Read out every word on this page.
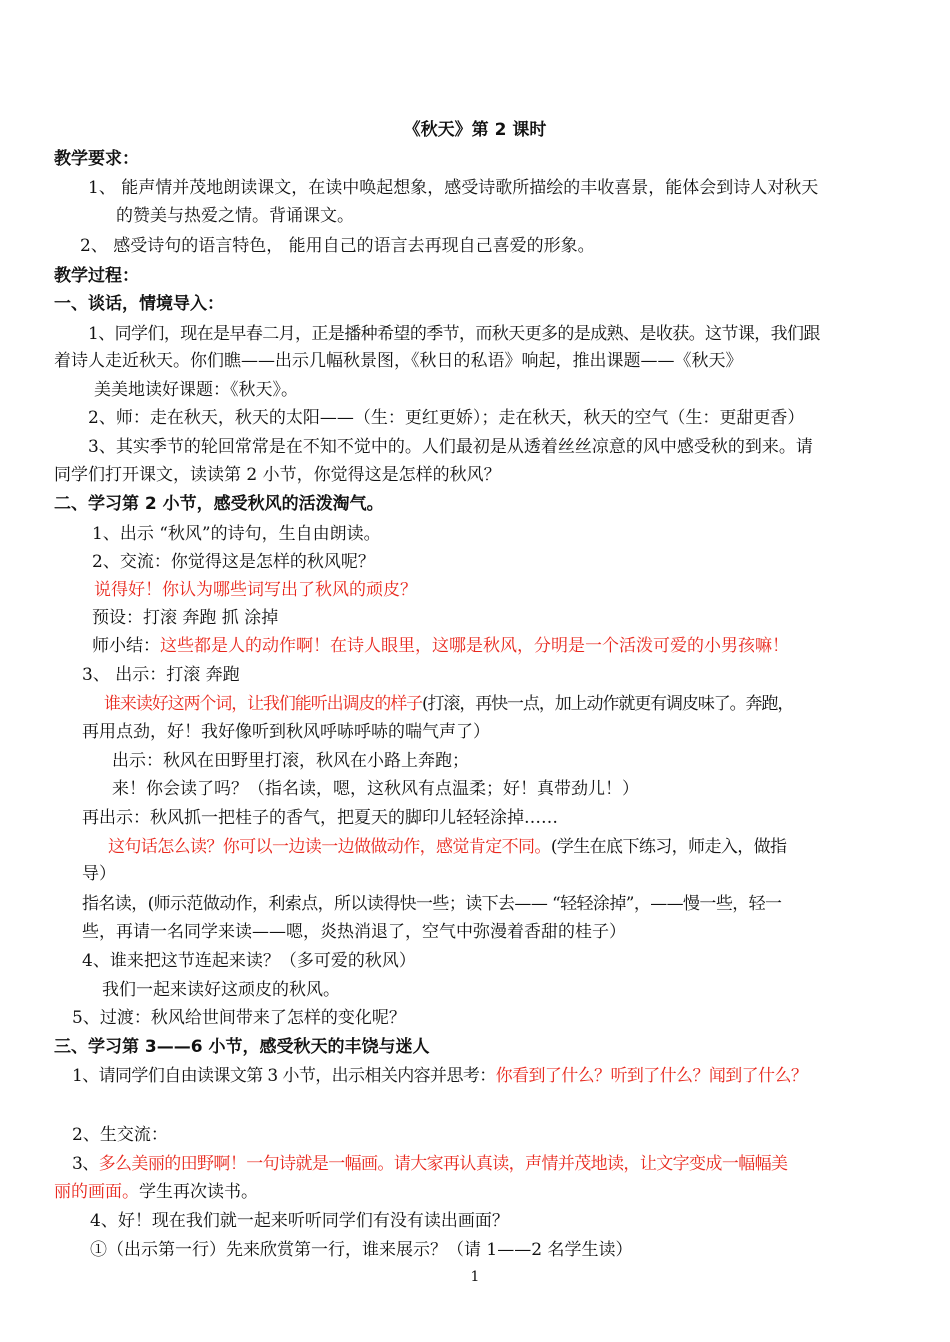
《秋天》第 2 课时
教学要求：
1、 能声情并茂地朗读课文，在读中唤起想象，感受诗歌所描绘的丰收喜景，能体会到诗人对秋天
的赞美与热爱之情。背诵课文。
2、 感受诗句的语言特色， 能用自己的语言去再现自己喜爱的形象。
教学过程：
一、谈话，情境导入：
1、同学们，现在是早春二月，正是播种希望的季节，而秋天更多的是成熟、是收获。这节课，我们跟
着诗人走近秋天。你们瞧——出示几幅秋景图，《秋日的私语》响起，推出课题——《秋天》
美美地读好课题：《秋天》。
2、师：走在秋天，秋天的太阳——（生：更红更娇）；走在秋天，秋天的空气（生：更甜更香）
3、其实季节的轮回常常是在不知不觉中的。人们最初是从透着丝丝凉意的风中感受秋的到来。请
同学们打开课文，读读第 2 小节，你觉得这是怎样的秋风？
二、学习第 2 小节，感受秋风的活泼淘气。
1、出示 “秋风”的诗句，生自由朗读。
2、交流：你觉得这是怎样的秋风呢？
说得好！你认为哪些词写出了秋风的顽皮？
预设：打滚 奔跑 抓 涂掉
师小结：这些都是人的动作啊！在诗人眼里，这哪是秋风，分明是一个活泼可爱的小男孩嘛！
3、 出示：打滚 奔跑
谁来读好这两个词，让我们能听出调皮的样子(打滚，再快一点，加上动作就更有调皮味了。奔跑，
再用点劲，好！我好像听到秋风呼哧呼哧的喘气声了）
出示：秋风在田野里打滚，秋风在小路上奔跑；
来！你会读了吗？（指名读，嗯，这秋风有点温柔；好！真带劲儿！）
再出示：秋风抓一把桂子的香气，把夏天的脚印儿轻轻涂掉……
这句话怎么读？你可以一边读一边做做动作，感觉肯定不同。(学生在底下练习，师走入，做指
导）
指名读，(师示范做动作，利索点，所以读得快一些；读下去—— “轻轻涂掉”，——慢一些，轻一
些，再请一名同学来读——嗯，炎热消退了，空气中弥漫着香甜的桂子）
4、谁来把这节连起来读？（多可爱的秋风）
我们一起来读好这顽皮的秋风。
5、过渡：秋风给世间带来了怎样的变化呢？
三、学习第 3——6 小节，感受秋天的丰饶与迷人
1、请同学们自由读课文第 3 小节，出示相关内容并思考：你看到了什么？听到了什么？闻到了什么？
2、生交流：
3、多么美丽的田野啊！一句诗就是一幅画。请大家再认真读，声情并茂地读，让文字变成一幅幅美
丽的画面。学生再次读书。
4、好！现在我们就一起来听听同学们有没有读出画面？
①（出示第一行）先来欣赏第一行，谁来展示？（请 1——2 名学生读）
1
